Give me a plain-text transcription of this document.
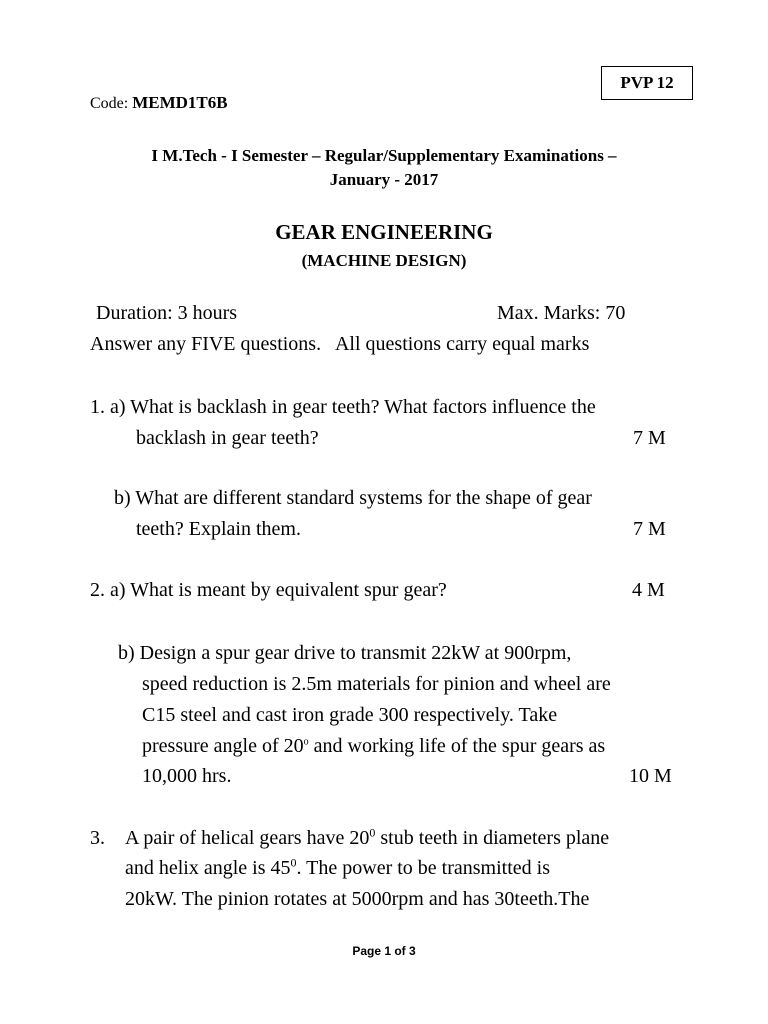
PVP 12
Code: MEMD1T6B
I M.Tech - I Semester – Regular/Supplementary Examinations –
January - 2017
GEAR ENGINEERING
(MACHINE DESIGN)
Duration: 3 hours	Max. Marks: 70
Answer any FIVE questions.   All questions carry equal marks
1. a) What is backlash in gear teeth? What factors influence the
backlash in gear teeth?	7 M
b) What are different standard systems for the shape of gear
teeth? Explain them.	7 M
2. a) What is meant by equivalent spur gear?	4 M
b) Design a spur gear drive to transmit 22kW at 900rpm,
speed reduction is 2.5m materials for pinion and wheel are
C15 steel and cast iron grade 300 respectively. Take
pressure angle of 20$^o$ and working life of the spur gears as
10,000 hrs.	10 M
3. A pair of helical gears have $20^0$ stub teeth in diameters plane
and helix angle is $45^0$. The power to be transmitted is
20kW. The pinion rotates at 5000rpm and has 30teeth.The
Page 1 of 3
